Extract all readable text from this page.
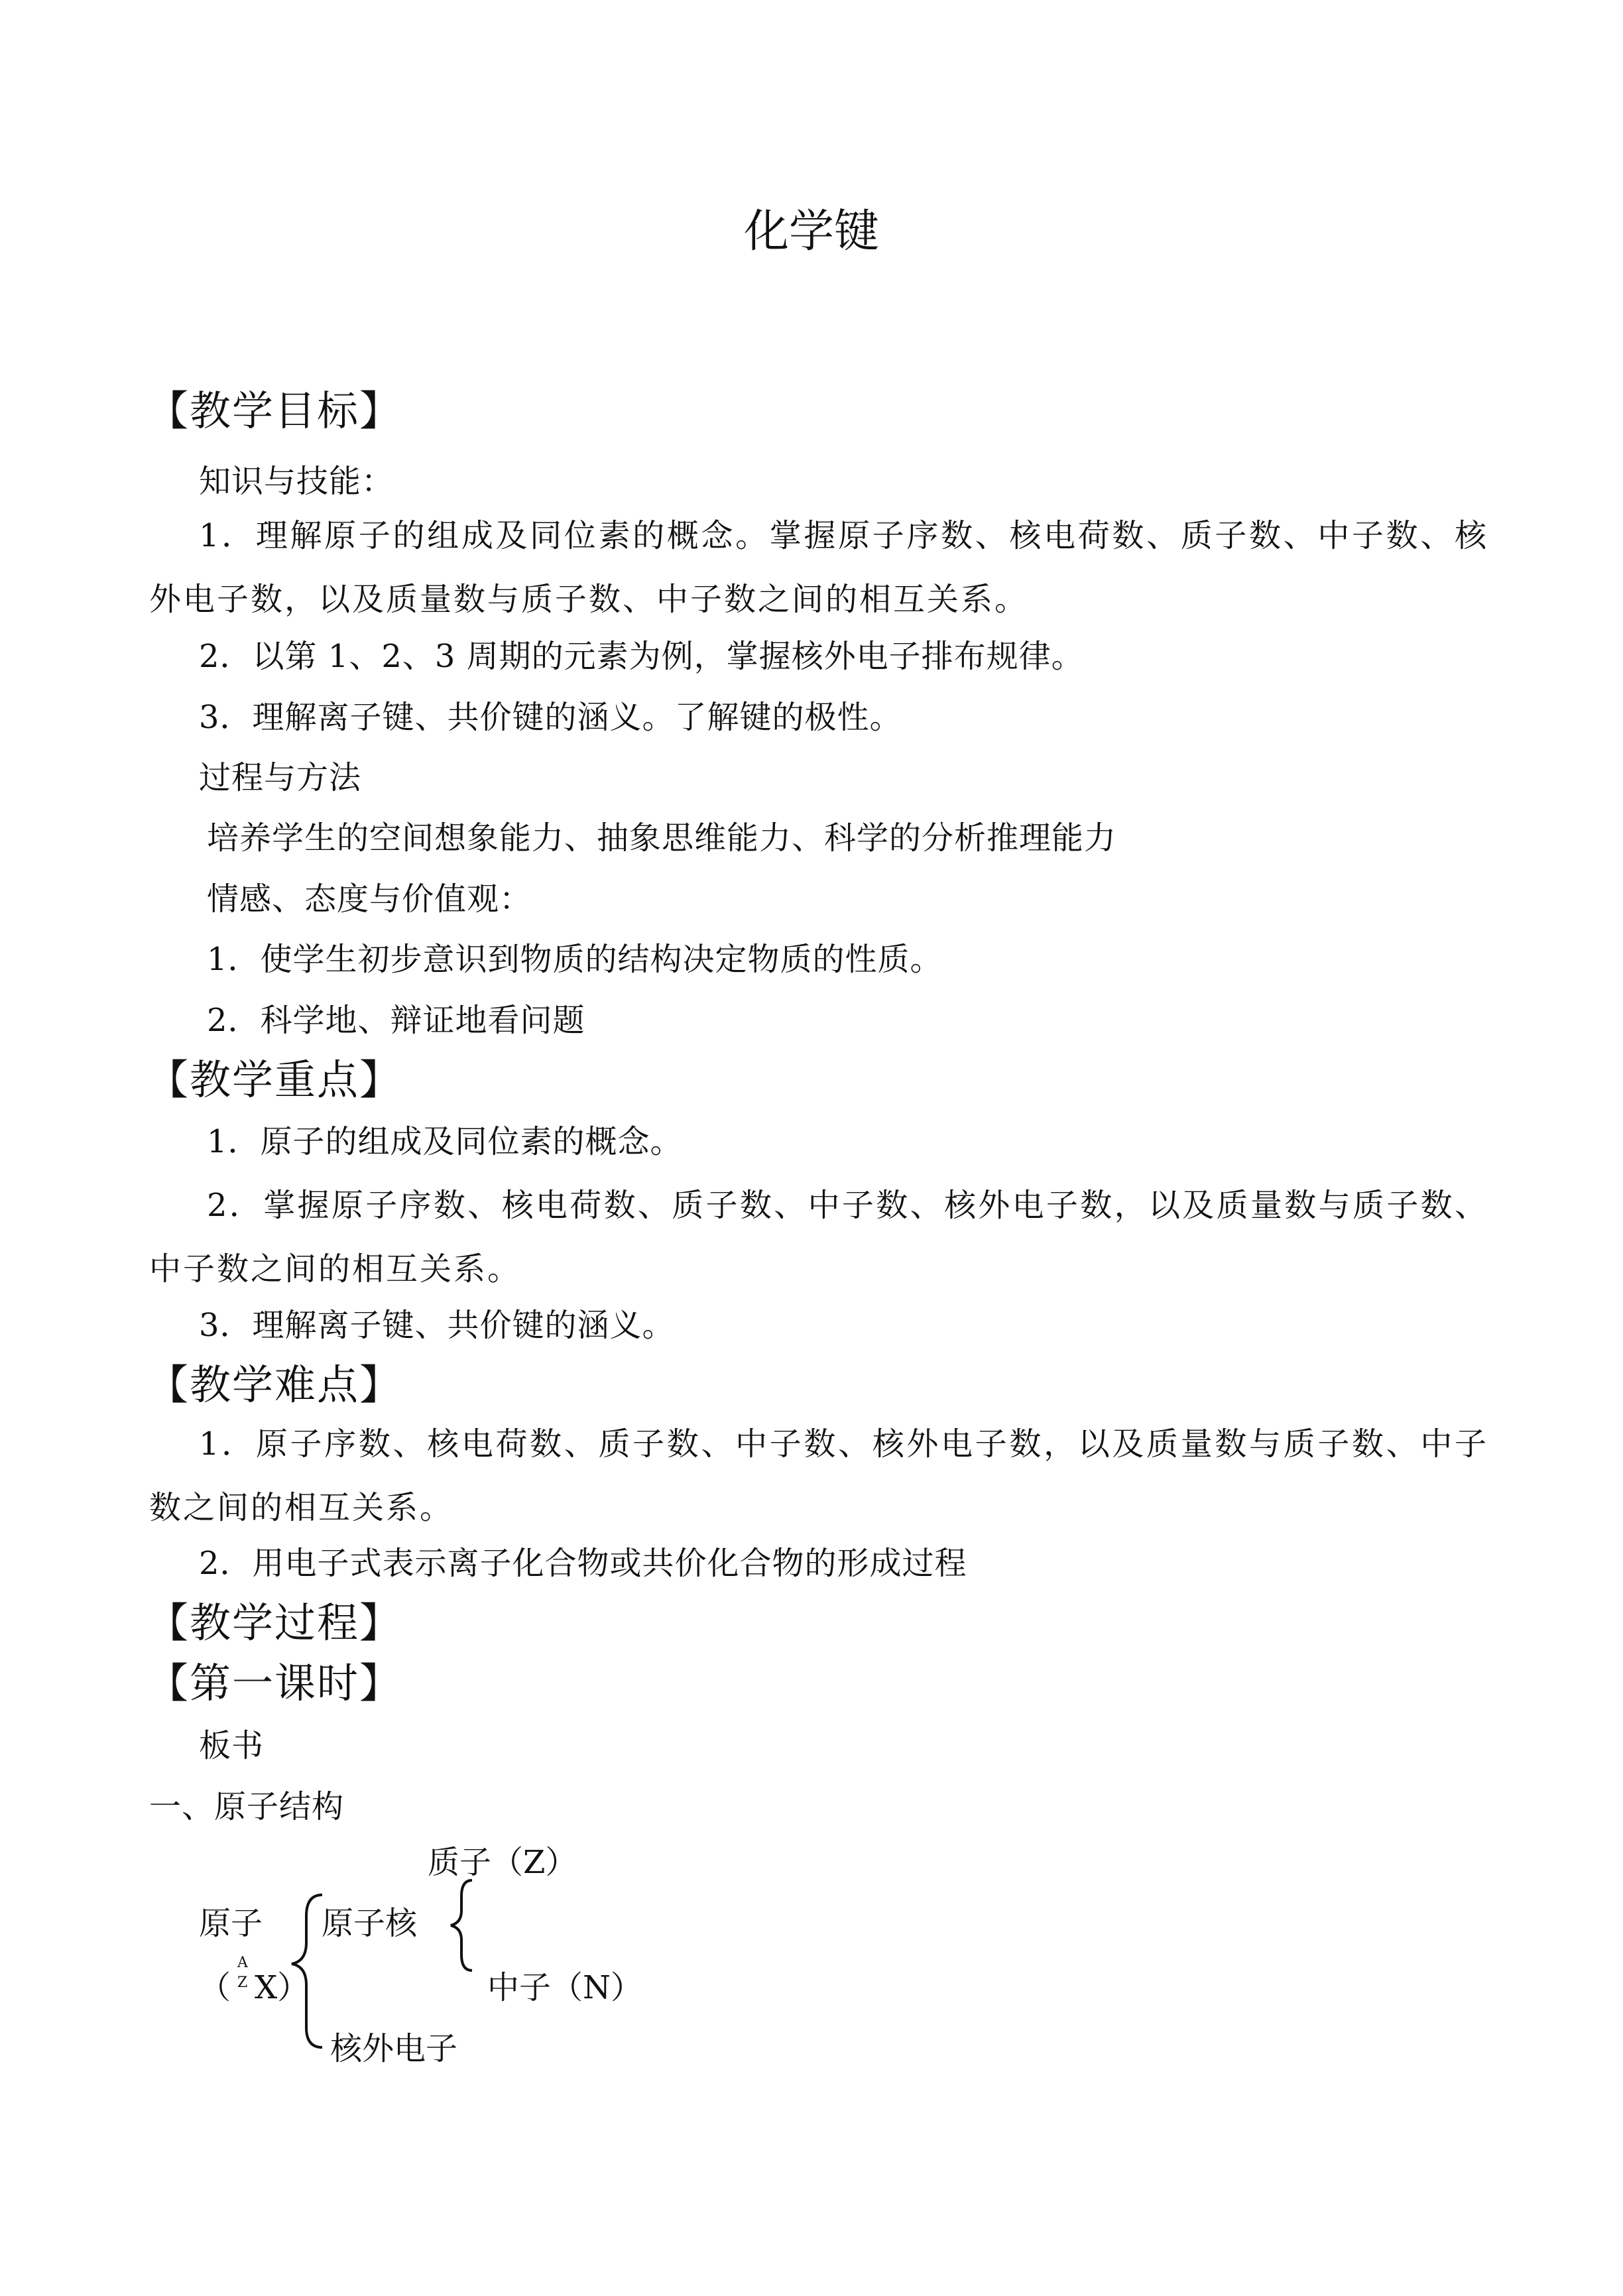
化学键
【教学目标】
知识与技能：
1．理解原子的组成及同位素的概念。掌握原子序数、核电荷数、质子数、中子数、核外电子数，以及质量数与质子数、中子数之间的相互关系。
2．以第 1、2、3 周期的元素为例，掌握核外电子排布规律。
3．理解离子键、共价键的涵义。了解键的极性。
过程与方法
培养学生的空间想象能力、抽象思维能力、科学的分析推理能力
情感、态度与价值观：
1．使学生初步意识到物质的结构决定物质的性质。
2．科学地、辩证地看问题
【教学重点】
1．原子的组成及同位素的概念。
2．掌握原子序数、核电荷数、质子数、中子数、核外电子数，以及质量数与质子数、中子数之间的相互关系。
3．理解离子键、共价键的涵义。
【教学难点】
1．原子序数、核电荷数、质子数、中子数、核外电子数，以及质量数与质子数、中子数之间的相互关系。
2．用电子式表示离子化合物或共价化合物的形成过程
【教学过程】
【第一课时】
板书
一、原子结构
质子（Z）
原子 原子核
（
A
Z X）	中子（N）
核外电子
